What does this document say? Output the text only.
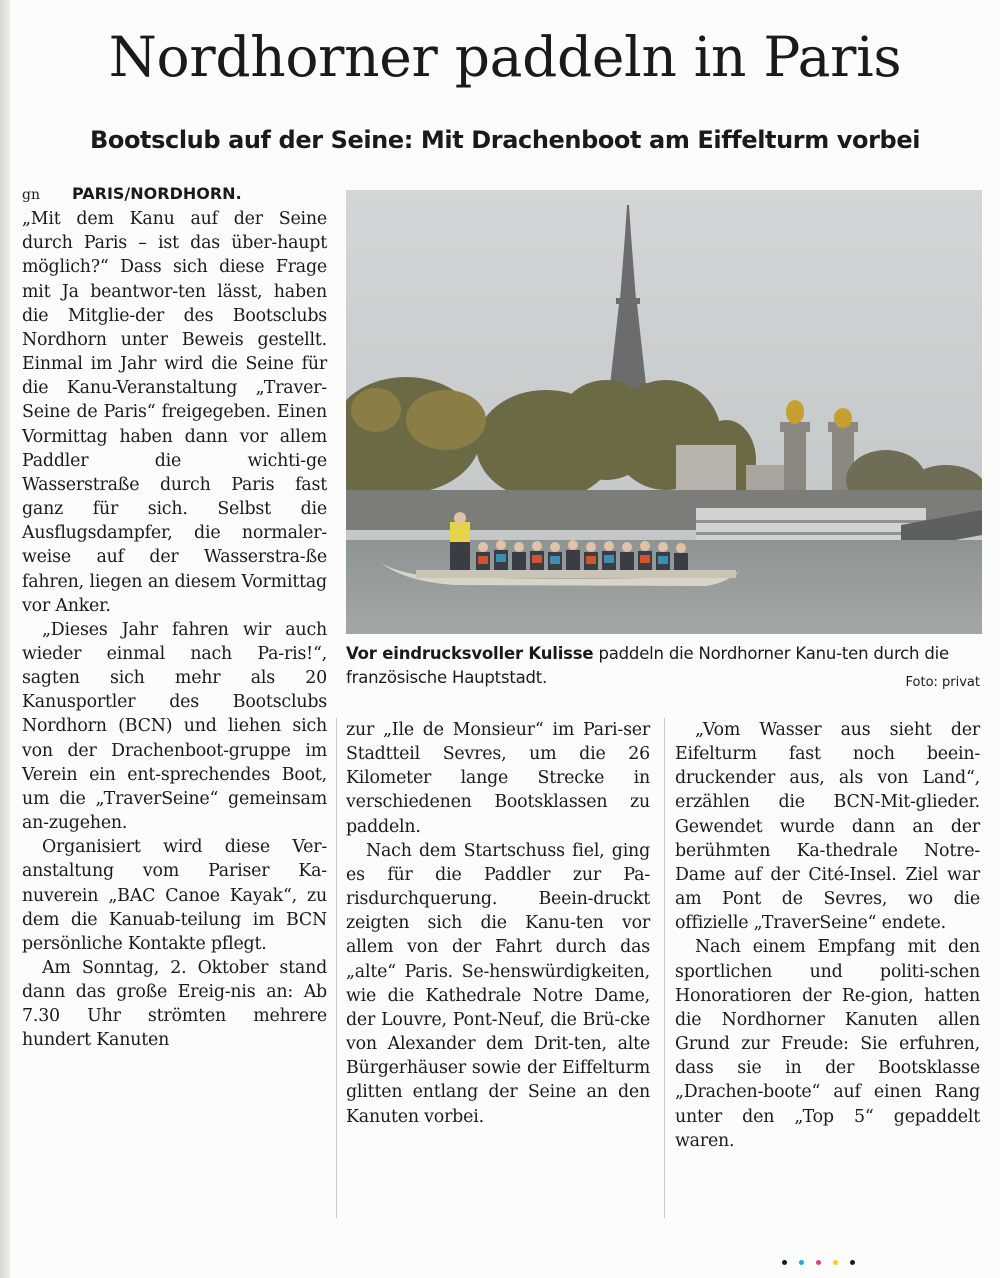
Nordhorner paddeln in Paris
Bootsclub auf der Seine: Mit Drachenboot am Eiffelturm vorbei

gn PARIS/NORDHORN.
„Mit dem Kanu auf der Seine durch Paris – ist das über-haupt möglich?“ Dass sich diese Frage mit Ja beantwor-ten lässt, haben die Mitglie-der des Bootsclubs Nordhorn unter Beweis gestellt. Einmal im Jahr wird die Seine für die Kanu-Veranstaltung „Traver-Seine de Paris“ freigegeben. Einen Vormittag haben dann vor allem Paddler die wichti-ge Wasserstraße durch Paris fast ganz für sich. Selbst die Ausflugsdampfer, die normaler-weise auf der Wasserstra-ße fahren, liegen an diesem Vormittag vor Anker.

„Dieses Jahr fahren wir auch wieder einmal nach Pa-ris!“, sagten sich mehr als 20 Kanusportler des Bootsclubs Nordhorn (BCN) und liehen sich von der Drachenboot-gruppe im Verein ein ent-sprechendes Boot, um die „TraverSeine“ gemeinsam an-zugehen.

Organisiert wird diese Ver-anstaltung vom Pariser Ka-nuverein „BAC Canoe Kayak“, zu dem die Kanuab-teilung im BCN persönliche Kontakte pflegt.

Am Sonntag, 2. Oktober stand dann das große Ereig-nis an: Ab 7.30 Uhr strömten mehrere hundert Kanuten

Vor eindrucksvoller Kulisse paddeln die Nordhorner Kanu-ten durch die französische Hauptstadt.	Foto: privat

zur „Ile de Monsieur“ im Pari-ser Stadtteil Sevres, um die 26 Kilometer lange Strecke in verschiedenen Bootsklassen zu paddeln.

Nach dem Startschuss fiel, ging es für die Paddler zur Pa-risdurchquerung. Beein-druckt zeigten sich die Kanu-ten vor allem von der Fahrt durch das „alte“ Paris. Se-henswürdigkeiten, wie die Kathedrale Notre Dame, der Louvre, Pont-Neuf, die Brü-cke von Alexander dem Drit-ten, alte Bürgerhäuser sowie der Eiffelturm glitten entlang der Seine an den Kanuten vorbei.

„Vom Wasser aus sieht der Eifelturm fast noch beein-druckender aus, als von Land“, erzählen die BCN-Mit-glieder. Gewendet wurde dann an der berühmten Ka-thedrale Notre-Dame auf der Cité-Insel. Ziel war am Pont de Sevres, wo die offizielle „TraverSeine“ endete.

Nach einem Empfang mit den sportlichen und politi-schen Honoratioren der Re-gion, hatten die Nordhorner Kanuten allen Grund zur Freude: Sie erfuhren, dass sie in der Bootsklasse „Drachen-boote“ auf einen Rang unter den „Top 5“ gepaddelt waren.
